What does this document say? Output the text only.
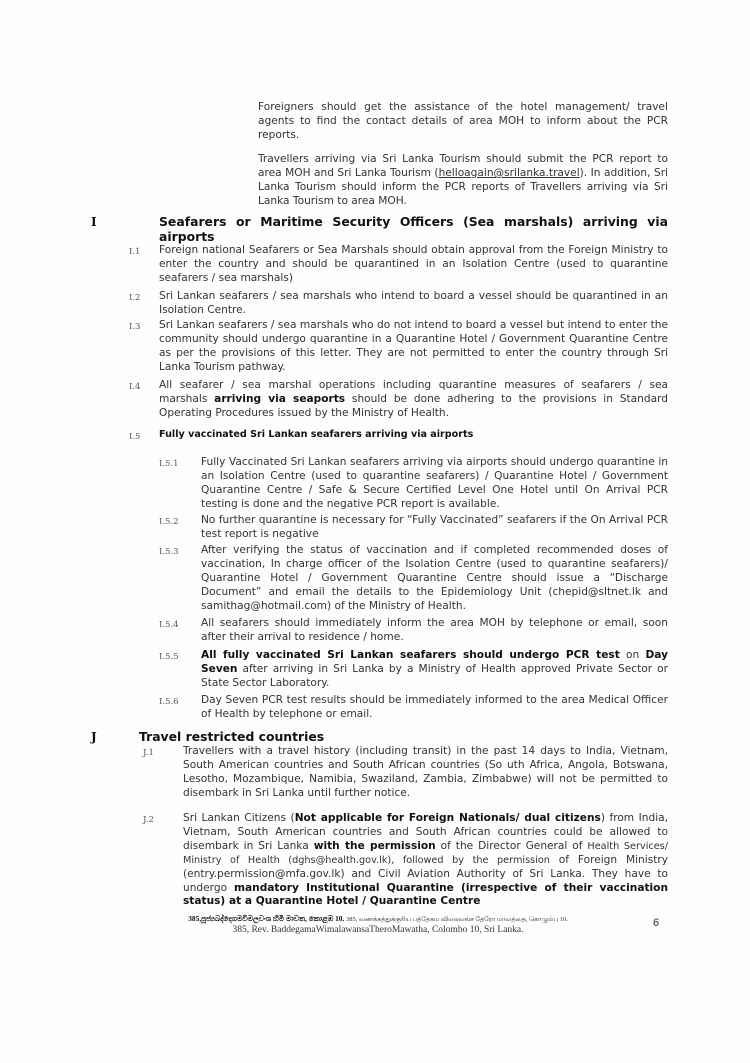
Foreigners should get the assistance of the hotel management/ travel agents to find the contact details of area MOH to inform about the PCR reports.
Travellers arriving via Sri Lanka Tourism should submit the PCR report to area MOH and Sri Lanka Tourism (helloagain@srilanka.travel). In addition, Sri Lanka Tourism should inform the PCR reports of Travellers arriving via Sri Lanka Tourism to area MOH.
I	Seafarers or Maritime Security Officers (Sea marshals) arriving via airports
I.1 Foreign national Seafarers or Sea Marshals should obtain approval from the Foreign Ministry to enter the country and should be quarantined in an Isolation Centre (used to quarantine seafarers / sea marshals)
I.2 Sri Lankan seafarers / sea marshals who intend to board a vessel should be quarantined in an Isolation Centre.
I.3 Sri Lankan seafarers / sea marshals who do not intend to board a vessel but intend to enter the community should undergo quarantine in a Quarantine Hotel / Government Quarantine Centre as per the provisions of this letter. They are not permitted to enter the country through Sri Lanka Tourism pathway.
I.4 All seafarer / sea marshal operations including quarantine measures of seafarers / sea marshals arriving via seaports should be done adhering to the provisions in Standard Operating Procedures issued by the Ministry of Health.
I.5 Fully vaccinated Sri Lankan seafarers arriving via airports
I.5.1 Fully Vaccinated Sri Lankan seafarers arriving via airports should undergo quarantine in an Isolation Centre (used to quarantine seafarers) / Quarantine Hotel / Government Quarantine Centre / Safe & Secure Certified Level One Hotel until On Arrival PCR testing is done and the negative PCR report is available.
I.5.2 No further quarantine is necessary for “Fully Vaccinated” seafarers if the On Arrival PCR test report is negative
I.5.3 After verifying the status of vaccination and if completed recommended doses of vaccination, In charge officer of the Isolation Centre (used to quarantine seafarers)/ Quarantine Hotel / Government Quarantine Centre should issue a “Discharge Document” and email the details to the Epidemiology Unit (chepid@sltnet.lk and samithag@hotmail.com) of the Ministry of Health.
I.5.4 All seafarers should immediately inform the area MOH by telephone or email, soon after their arrival to residence / home.
I.5.5 All fully vaccinated Sri Lankan seafarers should undergo PCR test on Day Seven after arriving in Sri Lanka by a Ministry of Health approved Private Sector or State Sector Laboratory.
I.5.6 Day Seven PCR test results should be immediately informed to the area Medical Officer of Health by telephone or email.
J	Travel restricted countries
J.1	Travellers with a travel history (including transit) in the past 14 days to India, Vietnam, South American countries and South African countries (So uth Africa, Angola, Botswana, Lesotho, Mozambique, Namibia, Swaziland, Zambia, Zimbabwe) will not be permitted to disembark in Sri Lanka until further notice.
J.2	Sri Lankan Citizens (Not applicable for Foreign Nationals/ dual citizens) from India, Vietnam, South American countries and South African countries could be allowed to disembark in Sri Lanka with the permission of the Director General of Health Services/ Ministry of Health (dghs@health.gov.lk), followed by the permission of Foreign Ministry (entry.permission@mfa.gov.lk) and Civil Aviation Authority of Sri Lanka. They have to undergo mandatory Institutional Quarantine (irrespective of their vaccination status) at a Quarantine Hotel / Quarantine Centre
385,පූජ්‍යබද්දෙගමවිමලවංශ හිමි මාවත, කොළඹ 10. 385, வணக்கத்துக்குரிய பத்தேகம விமலவங்ச தேரோ மாவத்தை, கொழும்பு 10.
385, Rev. BaddegamaWimalawansaTheroMawatha, Colombo 10, Sri Lanka.
6
